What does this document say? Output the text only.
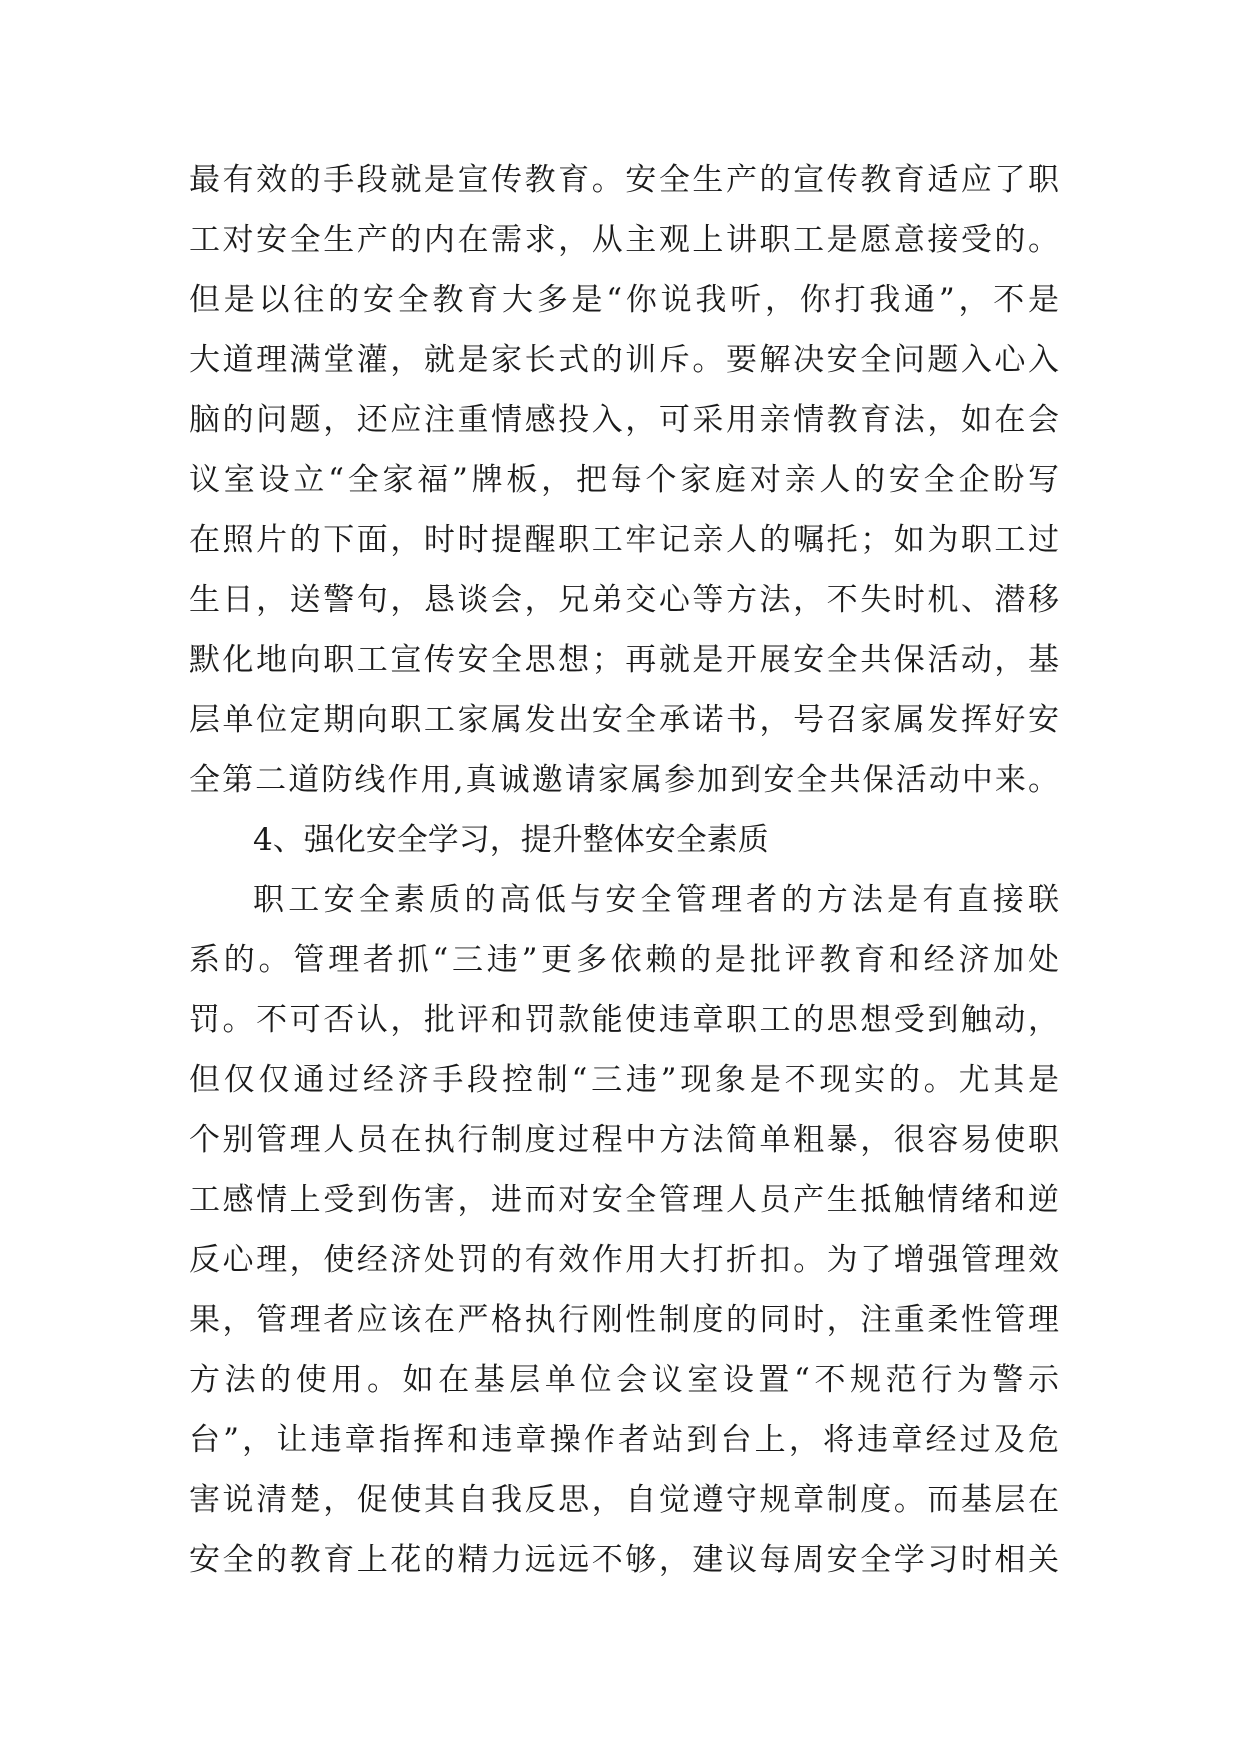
最有效的手段就是宣传教育。安全生产的宣传教育适应了职
工对安全生产的内在需求，从主观上讲职工是愿意接受的。
但是以往的安全教育大多是“你说我听，你打我通”，不是
大道理满堂灌，就是家长式的训斥。要解决安全问题入心入
脑的问题，还应注重情感投入，可采用亲情教育法，如在会
议室设立“全家福”牌板，把每个家庭对亲人的安全企盼写
在照片的下面，时时提醒职工牢记亲人的嘱托；如为职工过
生日，送警句，恳谈会，兄弟交心等方法，不失时机、潜移
默化地向职工宣传安全思想；再就是开展安全共保活动，基
层单位定期向职工家属发出安全承诺书，号召家属发挥好安
全第二道防线作用,真诚邀请家属参加到安全共保活动中来。
4、强化安全学习，提升整体安全素质
职工安全素质的高低与安全管理者的方法是有直接联
系的。管理者抓“三违”更多依赖的是批评教育和经济加处
罚。不可否认，批评和罚款能使违章职工的思想受到触动，
但仅仅通过经济手段控制“三违”现象是不现实的。尤其是
个别管理人员在执行制度过程中方法简单粗暴，很容易使职
工感情上受到伤害，进而对安全管理人员产生抵触情绪和逆
反心理，使经济处罚的有效作用大打折扣。为了增强管理效
果，管理者应该在严格执行刚性制度的同时，注重柔性管理
方法的使用。如在基层单位会议室设置“不规范行为警示
台”，让违章指挥和违章操作者站到台上，将违章经过及危
害说清楚，促使其自我反思，自觉遵守规章制度。而基层在
安全的教育上花的精力远远不够，建议每周安全学习时相关
